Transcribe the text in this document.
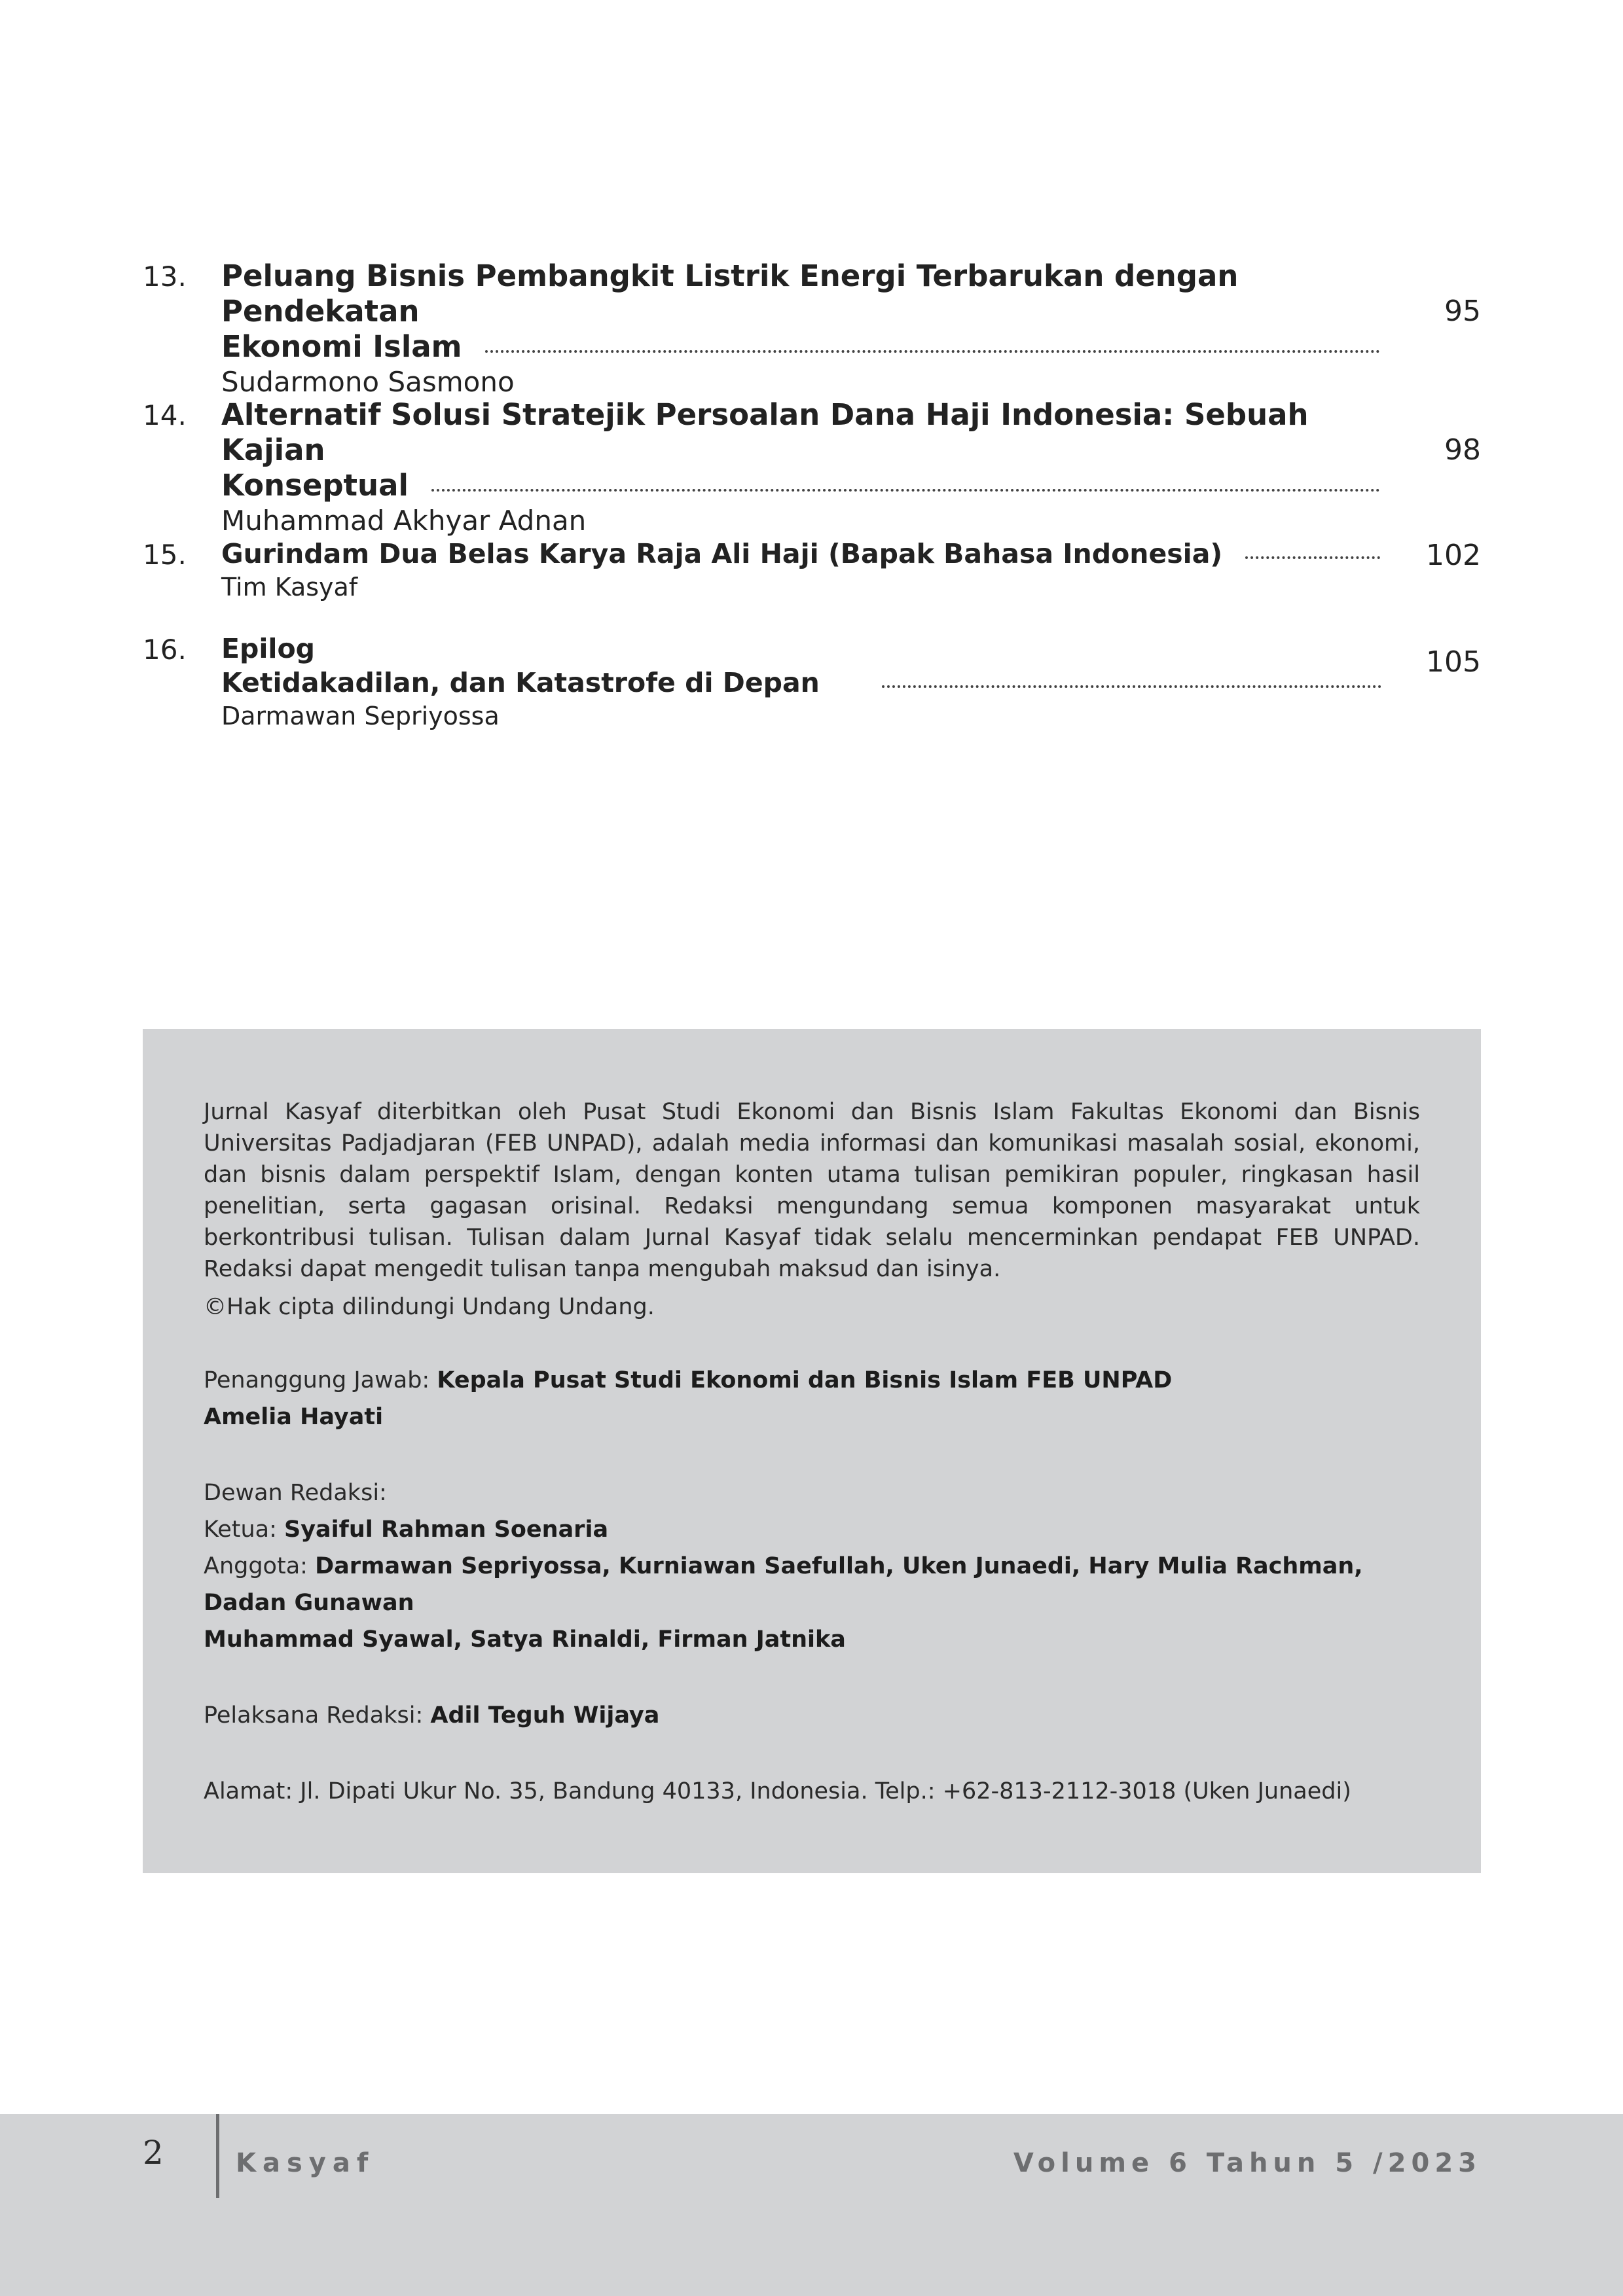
13. Peluang Bisnis Pembangkit Listrik Energi Terbarukan dengan Pendekatan
Ekonomi Islam
Sudarmono Sasmono
95
14. Alternatif Solusi Stratejik Persoalan Dana Haji Indonesia: Sebuah Kajian
Konseptual
Muhammad Akhyar Adnan
98
15. Gurindam Dua Belas Karya Raja Ali Haji (Bapak Bahasa Indonesia)
Tim Kasyaf
102
16. Epilog
Ketidakadilan, dan Katastrofe di Depan
Darmawan Sepriyossa
105

Jurnal Kasyaf diterbitkan oleh Pusat Studi Ekonomi dan Bisnis Islam Fakultas Ekonomi dan Bisnis Universitas Padjadjaran (FEB UNPAD), adalah media informasi dan komunikasi masalah sosial, ekonomi, dan bisnis dalam perspektif Islam, dengan konten utama tulisan pemikiran populer, ringkasan hasil penelitian, serta gagasan orisinal. Redaksi mengundang semua komponen masyarakat untuk berkontribusi tulisan. Tulisan dalam Jurnal Kasyaf tidak selalu mencerminkan pendapat FEB UNPAD. Redaksi dapat mengedit tulisan tanpa mengubah maksud dan isinya.

©Hak cipta dilindungi Undang Undang.

Penanggung Jawab: Kepala Pusat Studi Ekonomi dan Bisnis Islam FEB UNPAD
Amelia Hayati
Dewan Redaksi:
Ketua: Syaiful Rahman Soenaria
Anggota: Darmawan Sepriyossa, Kurniawan Saefullah, Uken Junaedi, Hary Mulia Rachman, Dadan Gunawan
Muhammad Syawal, Satya Rinaldi, Firman Jatnika
Pelaksana Redaksi: Adil Teguh Wijaya
Alamat: Jl. Dipati Ukur No. 35, Bandung 40133, Indonesia. Telp.: +62-813-2112-3018 (Uken Junaedi)
2	Kasyaf	Volume 6 Tahun 5 /2023
